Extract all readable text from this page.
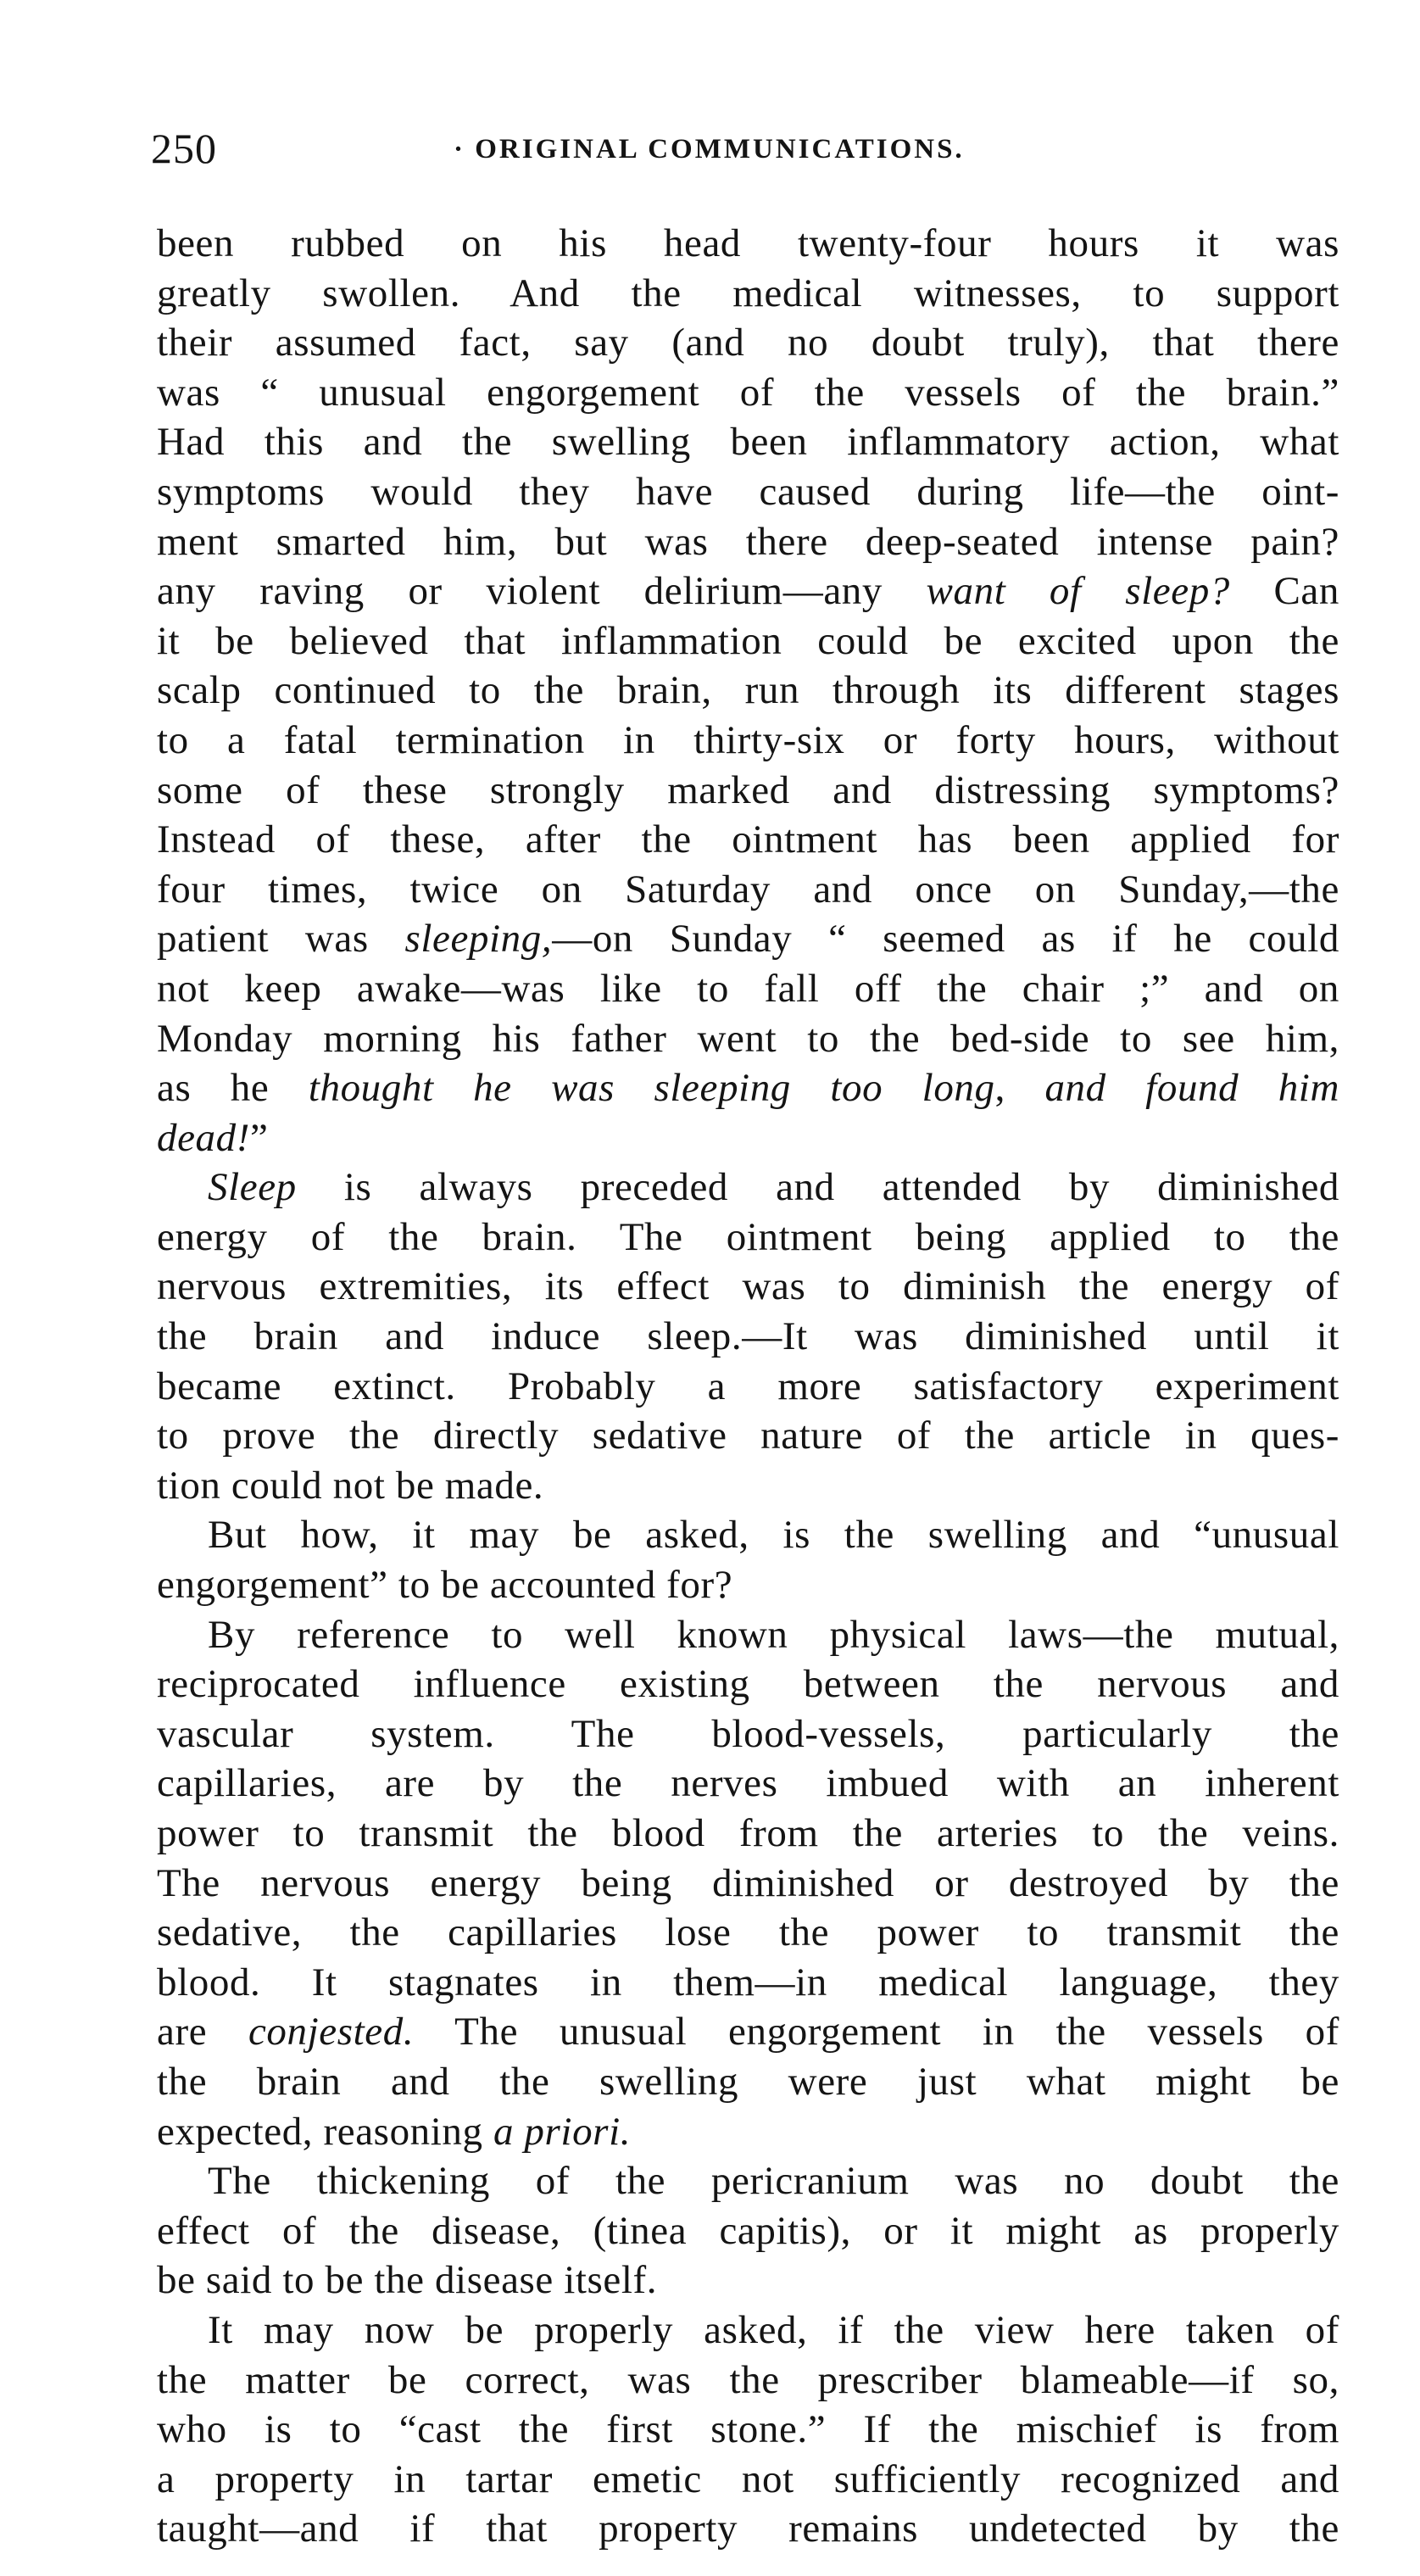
250	· ORIGINAL COMMUNICATIONS.

been rubbed on his head twenty-four hours it was

greatly swollen. And the medical witnesses, to support

their assumed fact, say (and no doubt truly), that there

was “ unusual engorgement of the vessels of the brain.”

Had this and the swelling been inflammatory action, what

symptoms would they have caused during life—the oint-

ment smarted him, but was there deep-seated intense pain?

any raving or violent delirium—any want of sleep? Can

it be believed that inflammation could be excited upon the

scalp continued to the brain, run through its different stages

to a fatal termination in thirty-six or forty hours, without

some of these strongly marked and distressing symptoms?

Instead of these, after the ointment has been applied for

four times, twice on Saturday and once on Sunday,—the

patient was sleeping,—on Sunday “ seemed as if he could

not keep awake—was like to fall off the chair ;” and on

Monday morning his father went to the bed-side to see him,

as he thought he was sleeping too long, and found him

dead!”

Sleep is always preceded and attended by diminished

energy of the brain. The ointment being applied to the

nervous extremities, its effect was to diminish the energy of

the brain and induce sleep.—It was diminished until it

became extinct. Probably a more satisfactory experiment

to prove the directly sedative nature of the article in ques-

tion could not be made.

But how, it may be asked, is the swelling and “unusual

engorgement” to be accounted for?

By reference to well known physical laws—the mutual,

reciprocated influence existing between the nervous and

vascular system. The blood-vessels, particularly the

capillaries, are by the nerves imbued with an inherent

power to transmit the blood from the arteries to the veins.

The nervous energy being diminished or destroyed by the

sedative, the capillaries lose the power to transmit the

blood. It stagnates in them—in medical language, they

are conjested. The unusual engorgement in the vessels of

the brain and the swelling were just what might be

expected, reasoning a priori.

The thickening of the pericranium was no doubt the

effect of the disease, (tinea capitis), or it might as properly

be said to be the disease itself.

It may now be properly asked, if the view here taken of

the matter be correct, was the prescriber blameable—if so,

who is to “cast the first stone.” If the mischief is from

a property in tartar emetic not sufficiently recognized and

taught—and if that property remains undetected by the
